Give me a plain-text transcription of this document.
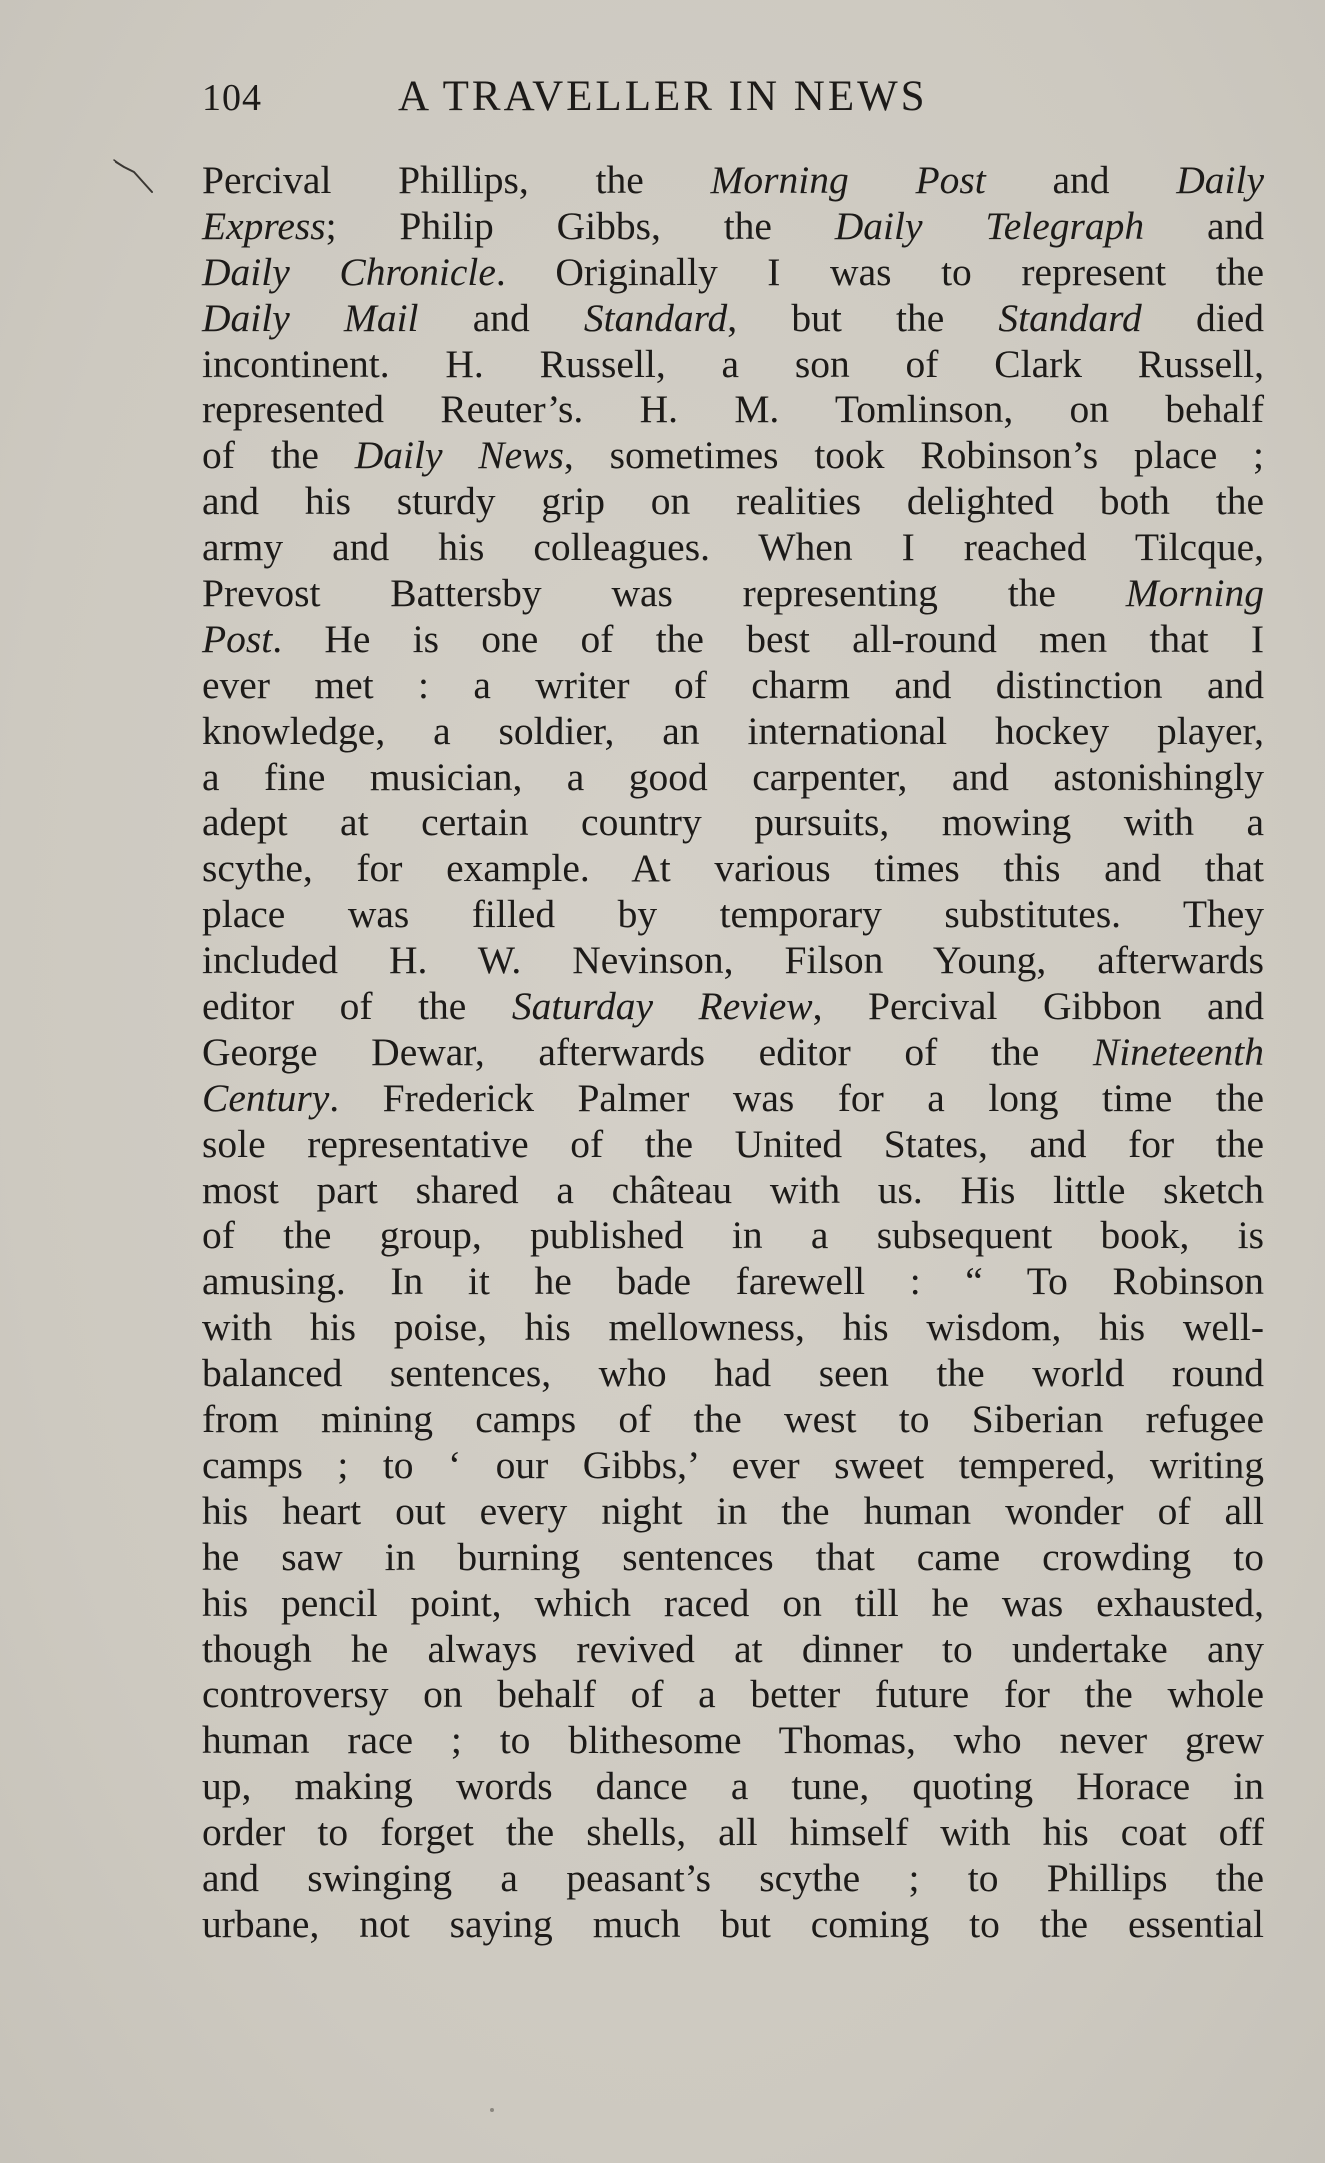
104	A TRAVELLER IN NEWS
Percival Phillips, the Morning Post and Daily
Express; Philip Gibbs, the Daily Telegraph and
Daily Chronicle. Originally I was to represent the
Daily Mail and Standard, but the Standard died
incontinent. H. Russell, a son of Clark Russell,
represented Reuter’s. H. M. Tomlinson, on behalf
of the Daily News, sometimes took Robinson’s place ;
and his sturdy grip on realities delighted both the
army and his colleagues. When I reached Tilcque,
Prevost Battersby was representing the Morning
Post. He is one of the best all-round men that I
ever met : a writer of charm and distinction and
knowledge, a soldier, an international hockey player,
a fine musician, a good carpenter, and astonishingly
adept at certain country pursuits, mowing with a
scythe, for example. At various times this and that
place was filled by temporary substitutes. They
included H. W. Nevinson, Filson Young, afterwards
editor of the Saturday Review, Percival Gibbon and
George Dewar, afterwards editor of the Nineteenth
Century. Frederick Palmer was for a long time the
sole representative of the United States, and for the
most part shared a château with us. His little sketch
of the group, published in a subsequent book, is
amusing. In it he bade farewell : “ To Robinson
with his poise, his mellowness, his wisdom, his well-
balanced sentences, who had seen the world round
from mining camps of the west to Siberian refugee
camps ; to ‘ our Gibbs,’ ever sweet tempered, writing
his heart out every night in the human wonder of all
he saw in burning sentences that came crowding to
his pencil point, which raced on till he was exhausted,
though he always revived at dinner to undertake any
controversy on behalf of a better future for the whole
human race ; to blithesome Thomas, who never grew
up, making words dance a tune, quoting Horace in
order to forget the shells, all himself with his coat off
and swinging a peasant’s scythe ; to Phillips the
urbane, not saying much but coming to the essential
